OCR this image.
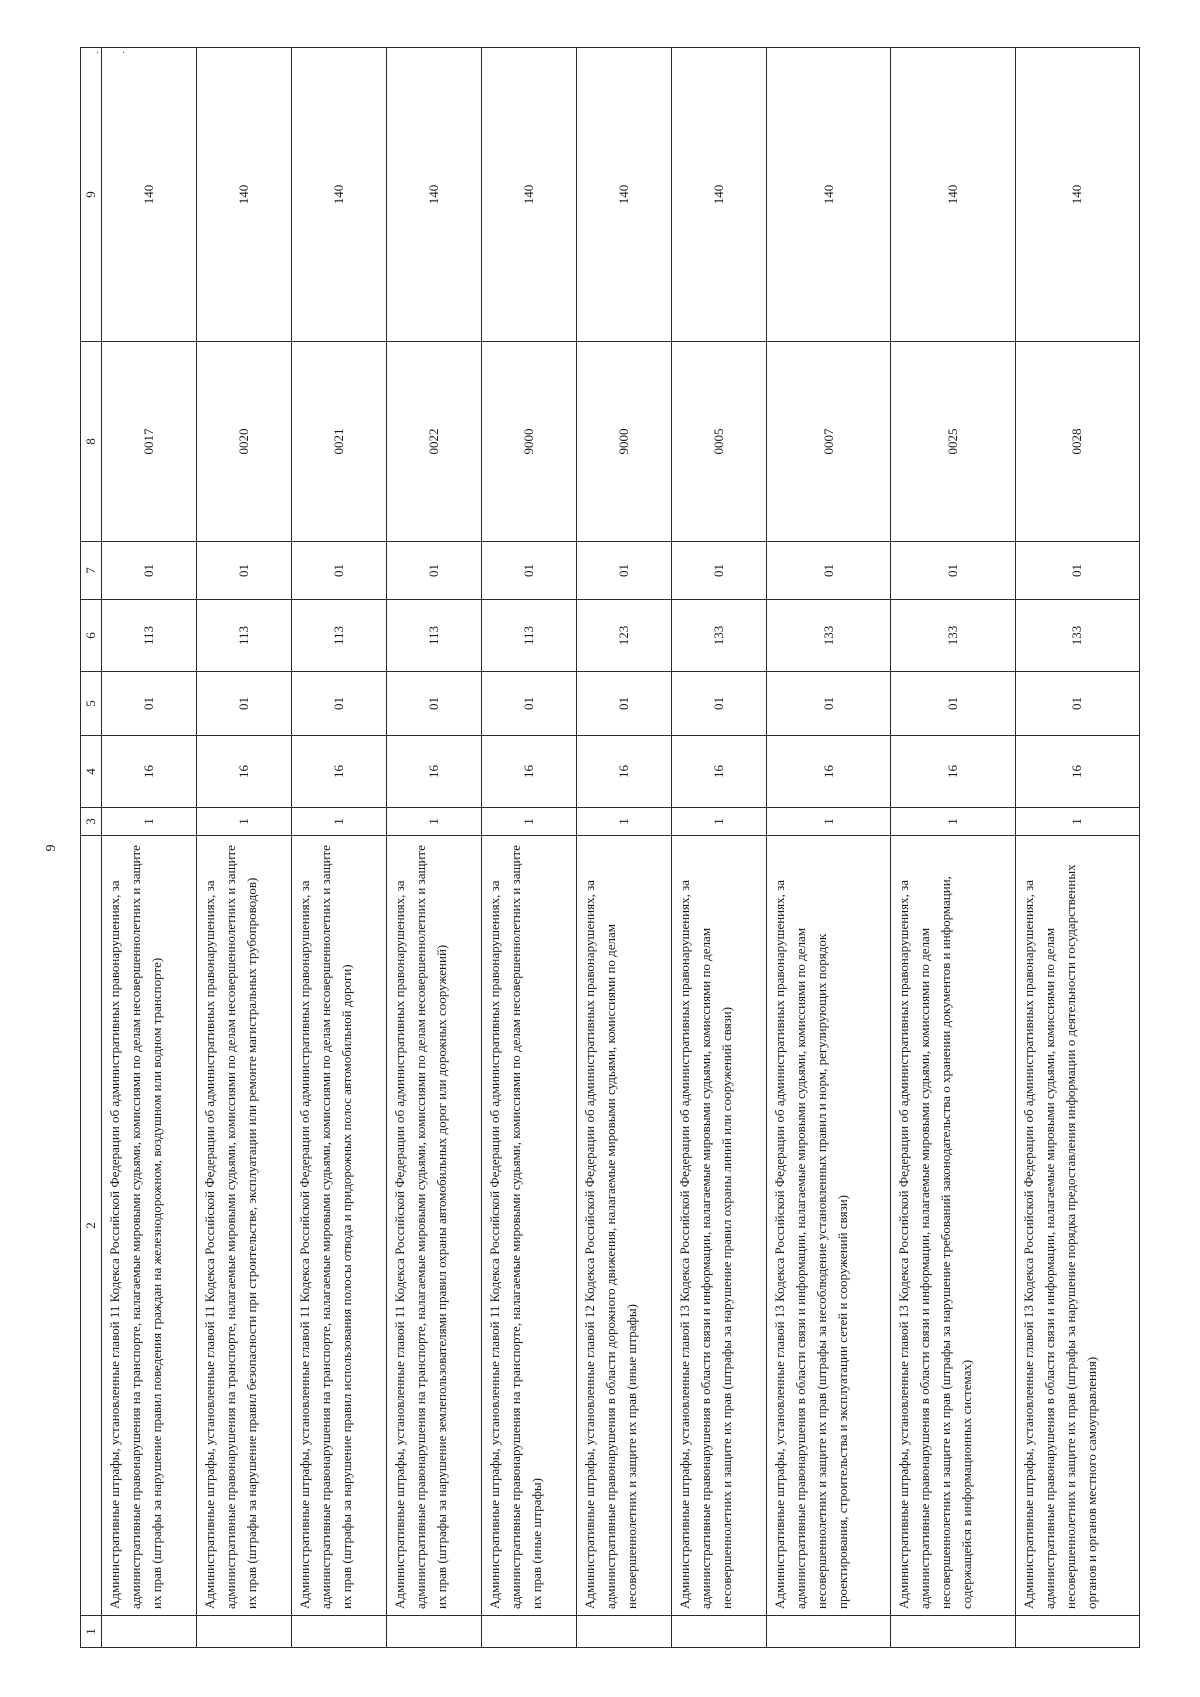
. .
9
1	2	3	4	5	6	7	8	9
	Административные штрафы, установленные главой 11 Кодекса Российской Федерации об административных правонарушениях, за административные правонарушения на транспорте, налагаемые мировыми судьями, комиссиями по делам несовершеннолетних и защите их прав (штрафы за нарушение правил поведения граждан на железнодорожном, воздушном или водном транспорте)	1	16	01	113	01	0017	140
	Административные штрафы, установленные главой 11 Кодекса Российской Федерации об административных правонарушениях, за административные правонарушения на транспорте, налагаемые мировыми судьями, комиссиями по делам несовершеннолетних и защите их прав (штрафы за нарушение правил безопасности при строительстве, эксплуатации или ремонте магистральных трубопроводов)	1	16	01	113	01	0020	140
	Административные штрафы, установленные главой 11 Кодекса Российской Федерации об административных правонарушениях, за административные правонарушения на транспорте, налагаемые мировыми судьями, комиссиями по делам несовершеннолетних и защите их прав (штрафы за нарушение правил использования полосы отвода и придорожных полос автомобильной дороги)	1	16	01	113	01	0021	140
	Административные штрафы, установленные главой 11 Кодекса Российской Федерации об административных правонарушениях, за административные правонарушения на транспорте, налагаемые мировыми судьями, комиссиями по делам несовершеннолетних и защите их прав (штрафы за нарушение землепользователями правил охраны автомобильных дорог или дорожных сооружений)	1	16	01	113	01	0022	140
	Административные штрафы, установленные главой 11 Кодекса Российской Федерации об административных правонарушениях, за административные правонарушения на транспорте, налагаемые мировыми судьями, комиссиями по делам несовершеннолетних и защите их прав (иные штрафы)	1	16	01	113	01	9000	140
	Административные штрафы, установленные главой 12 Кодекса Российской Федерации об административных правонарушениях, за административные правонарушения в области дорожного движения, налагаемые мировыми судьями, комиссиями по делам несовершеннолетних и защите их прав (иные штрафы)	1	16	01	123	01	9000	140
	Административные штрафы, установленные главой 13 Кодекса Российской Федерации об административных правонарушениях, за административные правонарушения в области связи и информации, налагаемые мировыми судьями, комиссиями по делам несовершеннолетних и защите их прав (штрафы за нарушение правил охраны линий или сооружений связи)	1	16	01	133	01	0005	140
	Административные штрафы, установленные главой 13 Кодекса Российской Федерации об административных правонарушениях, за административные правонарушения в области связи и информации, налагаемые мировыми судьями, комиссиями по делам несовершеннолетних и защите их прав (штрафы за несоблюдение установленных правил и норм, регулирующих порядок проектирования, строительства и эксплуатации сетей и сооружений связи)	1	16	01	133	01	0007	140
	Административные штрафы, установленные главой 13 Кодекса Российской Федерации об административных правонарушениях, за административные правонарушения в области связи и информации, налагаемые мировыми судьями, комиссиями по делам несовершеннолетних и защите их прав (штрафы за нарушение требований законодательства о хранении документов и информации, содержащейся в информационных системах)	1	16	01	133	01	0025	140
	Административные штрафы, установленные главой 13 Кодекса Российской Федерации об административных правонарушениях, за административные правонарушения в области связи и информации, налагаемые мировыми судьями, комиссиями по делам несовершеннолетних и защите их прав (штрафы за нарушение порядка предоставления информации о деятельности государственных органов и органов местного самоуправления)	1	16	01	133	01	0028	140
